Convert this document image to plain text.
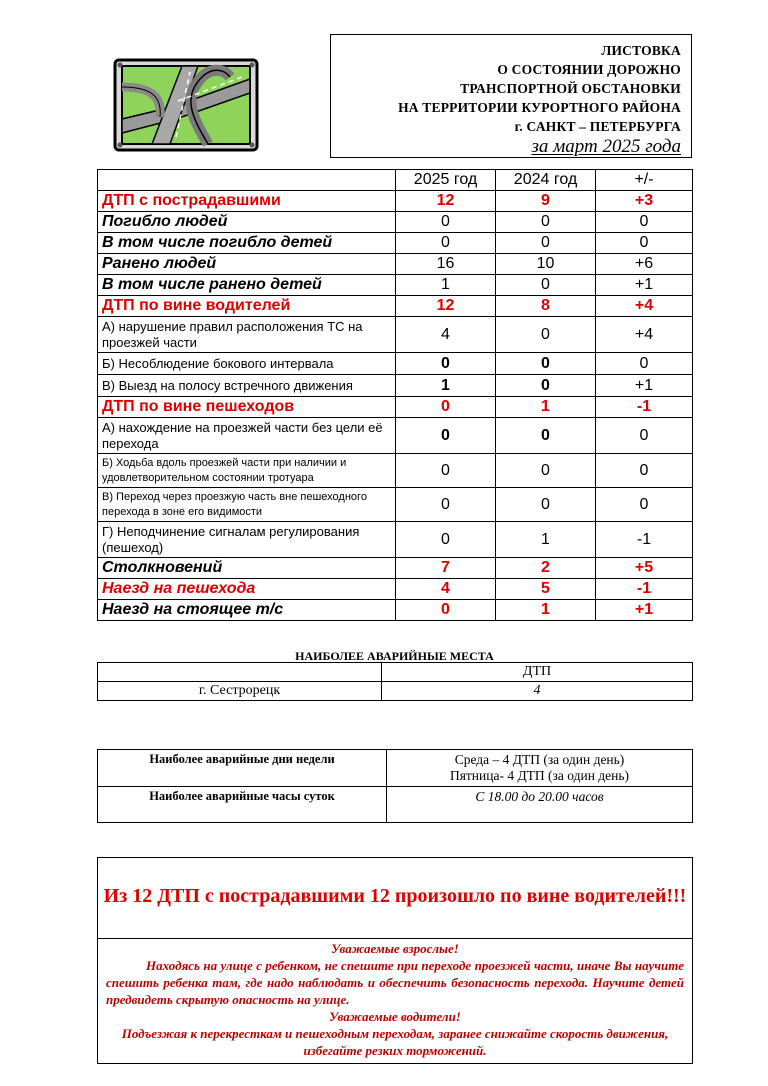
ЛИСТОВКА
О СОСТОЯНИИ ДОРОЖНО
ТРАНСПОРТНОЙ ОБСТАНОВКИ
НА ТЕРРИТОРИИ КУРОРТНОГО РАЙОНА
г. САНКТ – ПЕТЕРБУРГА
за март 2025 года
	2025 год	2024 год	+/-
ДТП с пострадавшими	12	9	+3
Погибло людей	0	0	0
В том числе погибло детей	0	0	0
Ранено людей	16	10	+6
В том числе ранено детей	1	0	+1
ДТП по вине водителей	12	8	+4
А) нарушение правил расположения ТС на проезжей части	4	0	+4
Б) Несоблюдение бокового интервала	0	0	0
В) Выезд на полосу встречного движения	1	0	+1
ДТП по вине пешеходов	0	1	-1
А) нахождение на проезжей части без цели её перехода	0	0	0
Б) Ходьба вдоль проезжей части при наличии и удовлетворительном состоянии тротуара	0	0	0
В) Переход через проезжую часть вне пешеходного перехода в зоне его видимости	0	0	0
Г) Неподчинение сигналам регулирования (пешеход)	0	1	-1
Столкновений	7	2	+5
Наезд на пешехода	4	5	-1
Наезд на стоящее т/с	0	1	+1
НАИБОЛЕЕ АВАРИЙНЫЕ МЕСТА
	ДТП
г. Сестрорецк	4
Наиболее аварийные дни недели	Среда – 4 ДТП (за один день)
Пятница- 4 ДТП (за один день)

Наиболее аварийные часы суток	С 18.00 до 20.00 часов
Из 12 ДТП с пострадавшими 12 произошло по вине водителей!!!
Уважаемые взрослые!
Находясь на улице с ребенком, не спешите при переходе проезжей части, иначе Вы научите спешить ребенка там, где надо наблюдать и обеспечить безопасность перехода. Научите детей предвидеть скрытую опасность на улице.
Уважаемые водители!
Подъезжая к перекресткам и пешеходным переходам, заранее снижайте скорость движения, избегайте резких торможений.
